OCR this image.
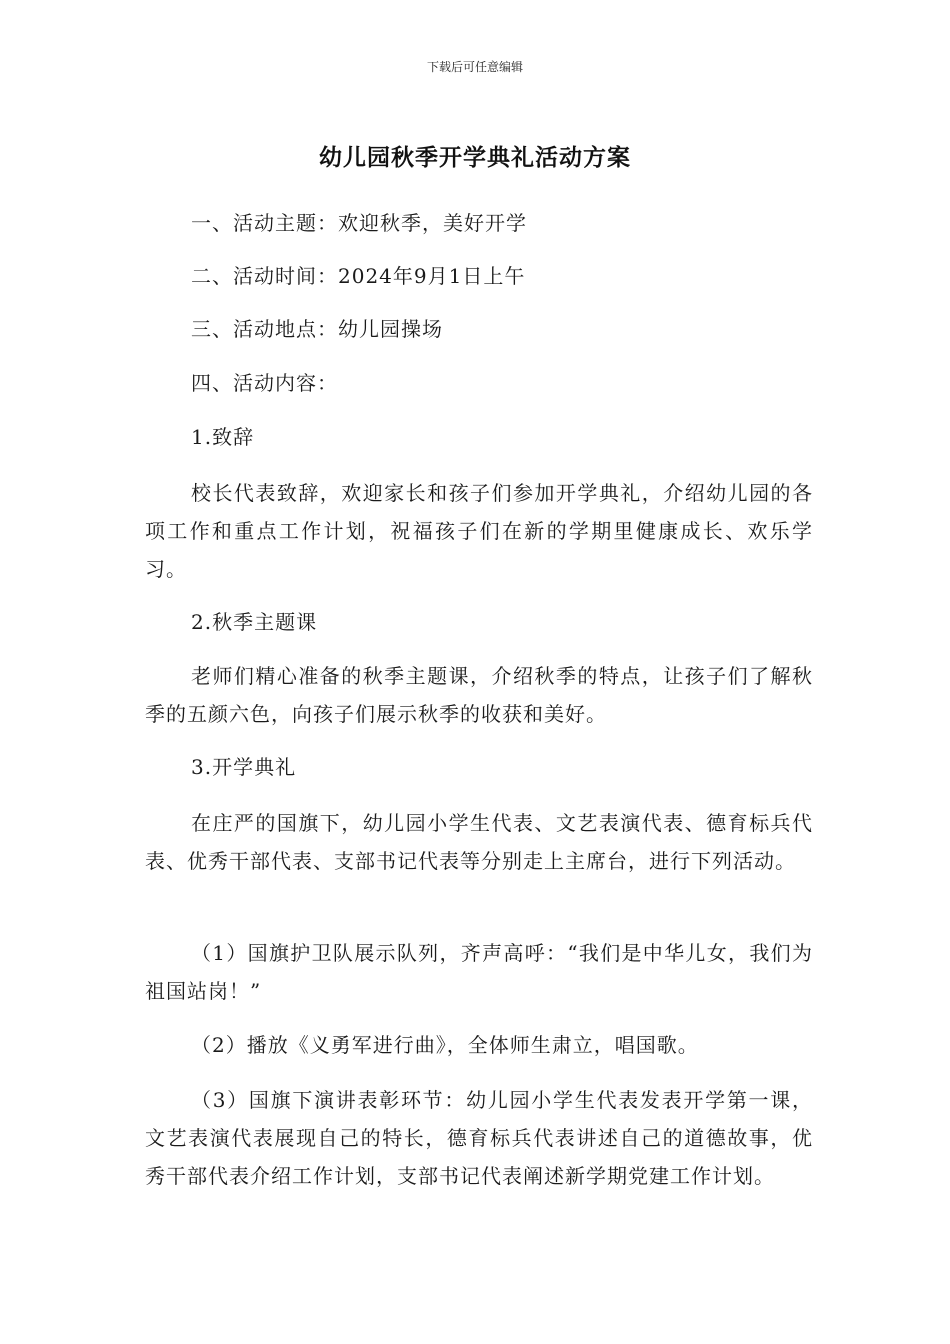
下载后可任意编辑
幼儿园秋季开学典礼活动方案

一、活动主题：欢迎秋季，美好开学

二、活动时间：2024年9月1日上午

三、活动地点：幼儿园操场

四、活动内容：

1.致辞

校长代表致辞，欢迎家长和孩子们参加开学典礼，介绍幼儿园的各项工作和重点工作计划，祝福孩子们在新的学期里健康成长、欢乐学习。

2.秋季主题课

老师们精心准备的秋季主题课，介绍秋季的特点，让孩子们了解秋季的五颜六色，向孩子们展示秋季的收获和美好。

3.开学典礼

在庄严的国旗下，幼儿园小学生代表、文艺表演代表、德育标兵代表、优秀干部代表、支部书记代表等分别走上主席台，进行下列活动。

（1）国旗护卫队展示队列，齐声高呼：“我们是中华儿女，我们为祖国站岗！”

（2）播放《义勇军进行曲》，全体师生肃立，唱国歌。

（3）国旗下演讲表彰环节：幼儿园小学生代表发表开学第一课，文艺表演代表展现自己的特长，德育标兵代表讲述自己的道德故事，优秀干部代表介绍工作计划，支部书记代表阐述新学期党建工作计划。
